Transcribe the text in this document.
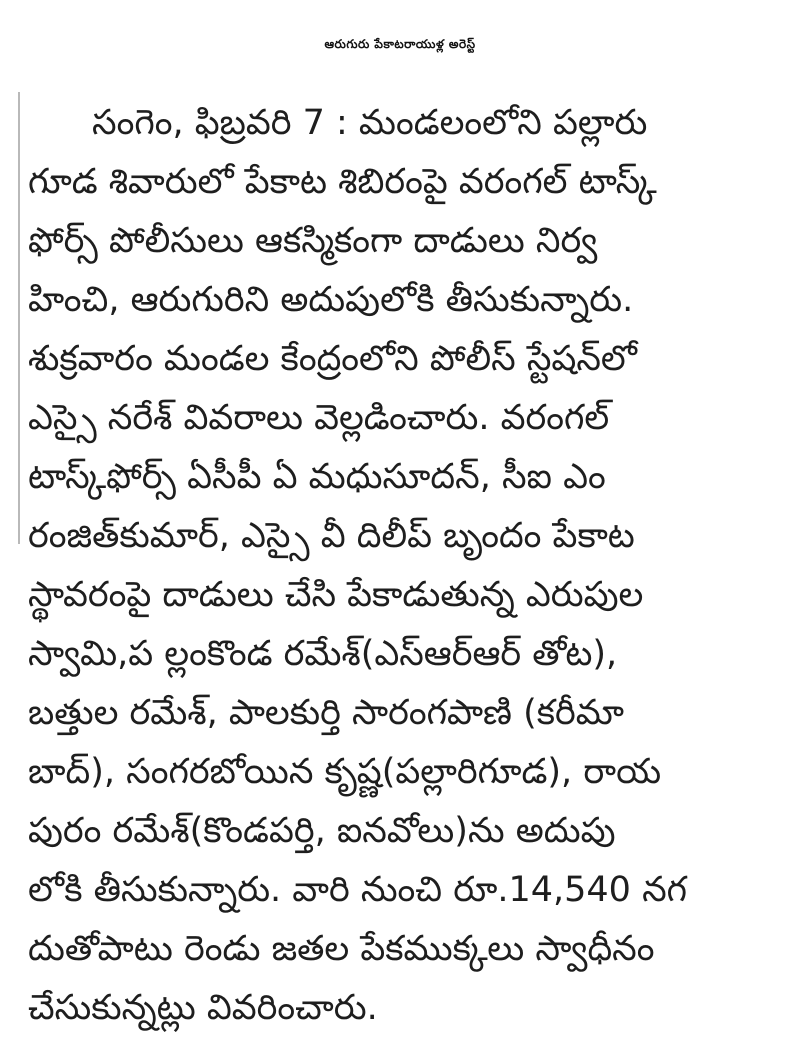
ఆరుగురు పేకాటరాయుళ్ల అరెస్ట్
సంగెం, ఫిబ్రవరి 7 : మండలంలోని పల్లారు
గూడ శివారులో పేకాట శిబిరంపై వరంగల్ టాస్క్
ఫోర్స్ పోలీసులు ఆకస్మికంగా దాడులు నిర్వ
హించి, ఆరుగురిని అదుపులోకి తీసుకున్నారు.
శుక్రవారం మండల కేంద్రంలోని పోలీస్ స్టేషన్‌లో
ఎస్సై నరేశ్ వివరాలు వెల్లడించారు. వరంగల్
టాస్క్‌ఫోర్స్ ఏసీపీ ఏ మధుసూదన్, సీఐ ఎం
రంజిత్‌కుమార్, ఎస్సై వీ దిలీప్ బృందం పేకాట
స్థావరంపై దాడులు చేసి పేకాడుతున్న ఎరుపుల
స్వామి,ప ల్లంకొండ రమేశ్(ఎస్ఆర్ఆర్ తోట),
బత్తుల రమేశ్, పాలకుర్తి సారంగపాణి (కరీమా
బాద్), సంగరబోయిన కృష్ణ(పల్లారిగూడ), రాయ
పురం రమేశ్(కొండపర్తి, ఐనవోలు)ను అదుపు
లోకి తీసుకున్నారు. వారి నుంచి రూ.14,540 నగ
దుతోపాటు రెండు జతల పేకముక్కలు స్వాధీనం
చేసుకున్నట్లు వివరించారు.
